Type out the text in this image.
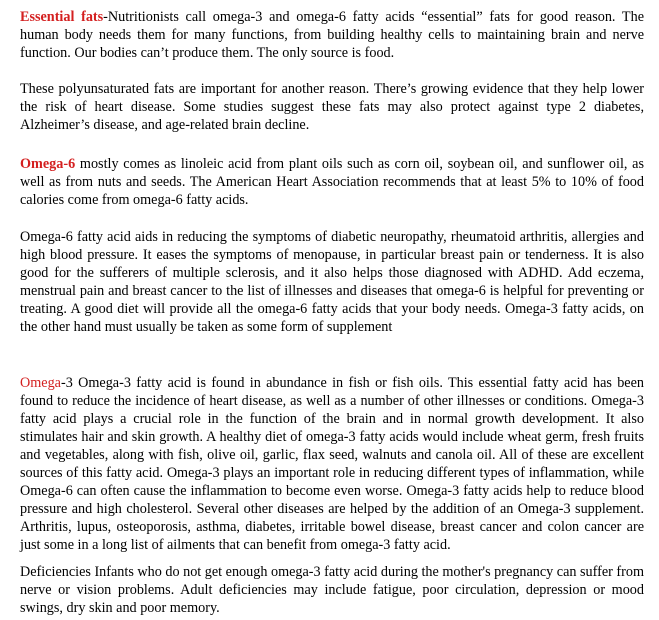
Essential fats-Nutritionists call omega-3 and omega-6 fatty acids “essential” fats for good reason. The human body needs them for many functions, from building healthy cells to maintaining brain and nerve function. Our bodies can’t produce them. The only source is food.

These polyunsaturated fats are important for another reason. There’s growing evidence that they help lower the risk of heart disease. Some studies suggest these fats may also protect against type 2 diabetes, Alzheimer’s disease, and age-related brain decline.

Omega-6 mostly comes as linoleic acid from plant oils such as corn oil, soybean oil, and sunflower oil, as well as from nuts and seeds. The American Heart Association recommends that at least 5% to 10% of food calories come from omega-6 fatty acids.

Omega-6 fatty acid aids in reducing the symptoms of diabetic neuropathy, rheumatoid arthritis, allergies and high blood pressure. It eases the symptoms of menopause, in particular breast pain or tenderness. It is also good for the sufferers of multiple sclerosis, and it also helps those diagnosed with ADHD. Add eczema, menstrual pain and breast cancer to the list of illnesses and diseases that omega-6 is helpful for preventing or treating. A good diet will provide all the omega-6 fatty acids that your body needs. Omega-3 fatty acids, on the other hand must usually be taken as some form of supplement

Omega-3 Omega-3 fatty acid is found in abundance in fish or fish oils. This essential fatty acid has been found to reduce the incidence of heart disease, as well as a number of other illnesses or conditions. Omega-3 fatty acid plays a crucial role in the function of the brain and in normal growth development. It also stimulates hair and skin growth. A healthy diet of omega-3 fatty acids would include wheat germ, fresh fruits and vegetables, along with fish, olive oil, garlic, flax seed, walnuts and canola oil. All of these are excellent sources of this fatty acid. Omega-3 plays an important role in reducing different types of inflammation, while Omega-6 can often cause the inflammation to become even worse. Omega-3 fatty acids help to reduce blood pressure and high cholesterol. Several other diseases are helped by the addition of an Omega-3 supplement. Arthritis, lupus, osteoporosis, asthma, diabetes, irritable bowel disease, breast cancer and colon cancer are just some in a long list of ailments that can benefit from omega-3 fatty acid.

Deficiencies Infants who do not get enough omega-3 fatty acid during the mother's pregnancy can suffer from nerve or vision problems. Adult deficiencies may include fatigue, poor circulation, depression or mood swings, dry skin and poor memory.
